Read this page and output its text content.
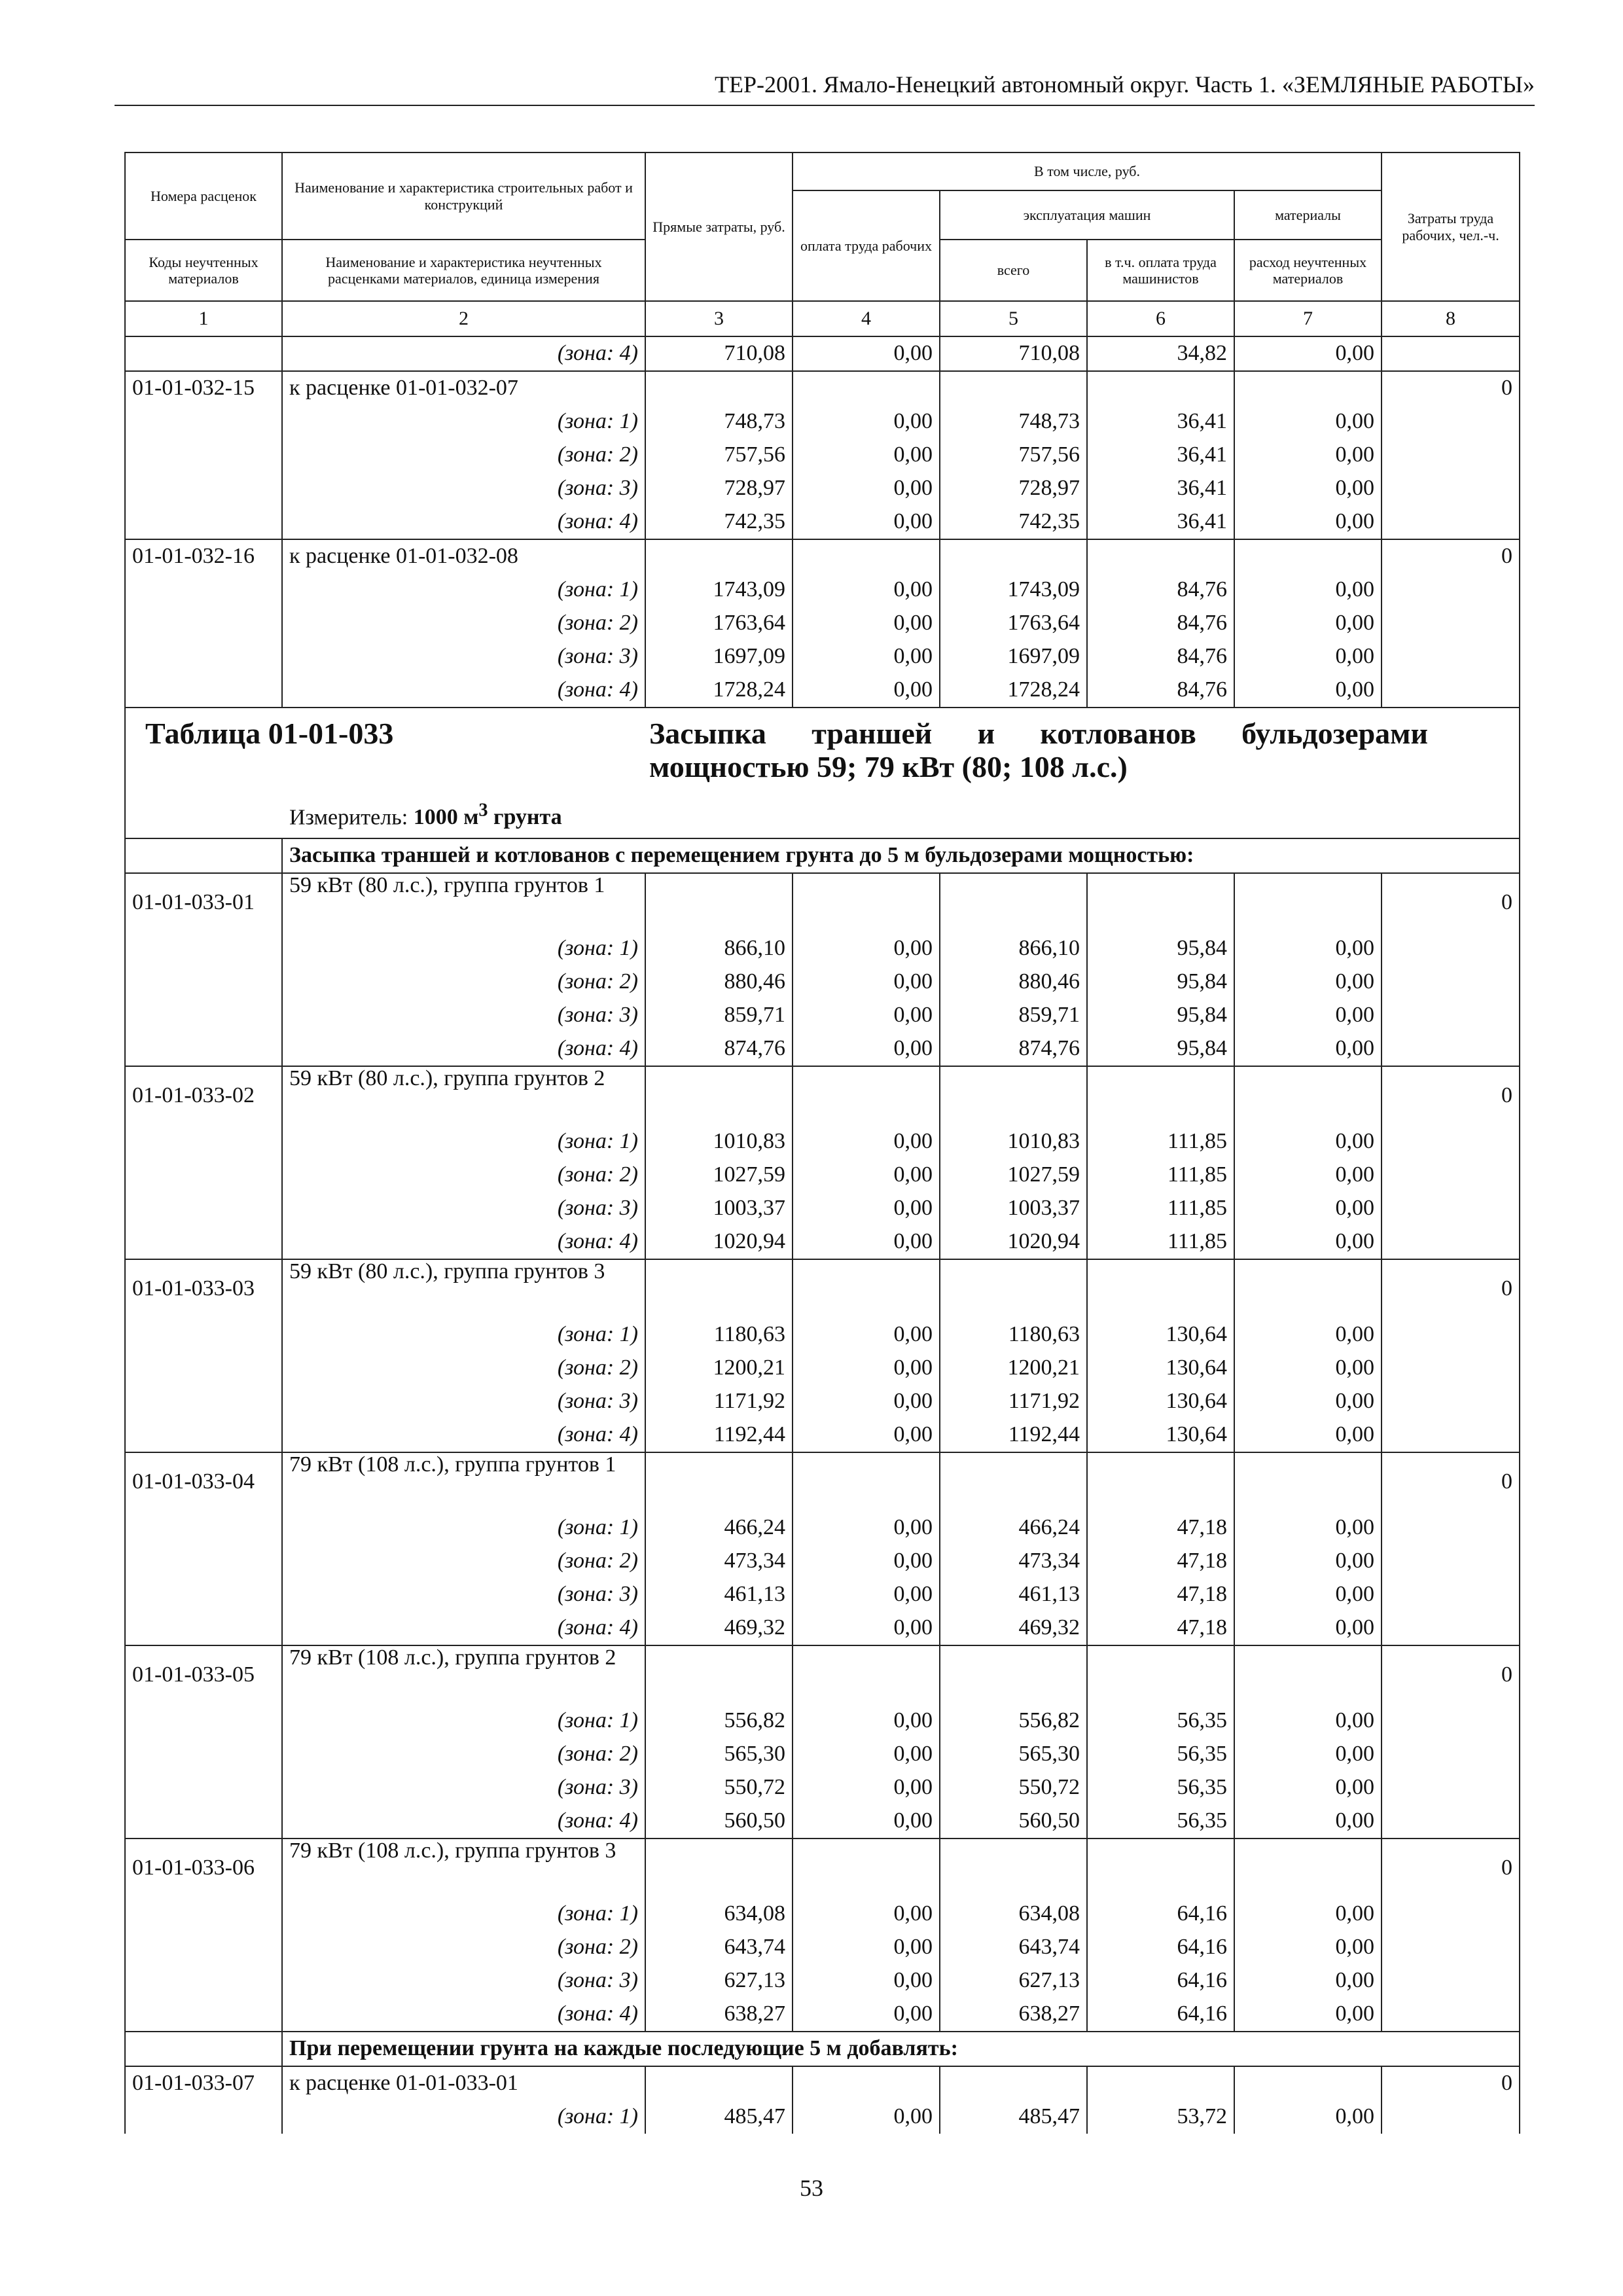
ТЕР-2001. Ямало-Ненецкий автономный округ. Часть 1. «ЗЕМЛЯНЫЕ РАБОТЫ»
Номера расценок	Наименование и характеристика строительных работ и конструкций	Прямые затраты, руб.	В том числе, руб.				Затраты труда рабочих, чел.-ч.
			оплата труда рабочих	эксплуатация машин		материалы	
Коды неучтенных материалов	Наименование и характеристика неучтенных расценками материалов, единица измерения			всего	в т.ч. оплата труда машинистов	расход неучтенных материалов	
1	2	3	4	5	6	7	8
	(зона: 4)	710,08	0,00	710,08	34,82	0,00	
01-01-032-15	к расценке 01-01-032-07						0
	(зона: 1)	748,73	0,00	748,73	36,41	0,00	
	(зона: 2)	757,56	0,00	757,56	36,41	0,00	
	(зона: 3)	728,97	0,00	728,97	36,41	0,00	
	(зона: 4)	742,35	0,00	742,35	36,41	0,00	
01-01-032-16	к расценке 01-01-032-08						0
	(зона: 1)	1743,09	0,00	1743,09	84,76	0,00	
	(зона: 2)	1763,64	0,00	1763,64	84,76	0,00	
	(зона: 3)	1697,09	0,00	1697,09	84,76	0,00	
	(зона: 4)	1728,24	0,00	1728,24	84,76	0,00	

Таблица 01-01-033 Засыпка траншей и котлованов бульдозерами мощностью 59; 79 кВт (80; 108 л.с.)
Измеритель: 1000 $м^3$ грунта							

	Засыпка траншей и котлованов с перемещением грунта до 5 м бульдозерами мощностью:						
01-01-033-01	59 кВт (80 л.с.), группа грунтов 1						0
	(зона: 1)	866,10	0,00	866,10	95,84	0,00	
	(зона: 2)	880,46	0,00	880,46	95,84	0,00	
	(зона: 3)	859,71	0,00	859,71	95,84	0,00	
	(зона: 4)	874,76	0,00	874,76	95,84	0,00	
01-01-033-02	59 кВт (80 л.с.), группа грунтов 2						0
	(зона: 1)	1010,83	0,00	1010,83	111,85	0,00	
	(зона: 2)	1027,59	0,00	1027,59	111,85	0,00	
	(зона: 3)	1003,37	0,00	1003,37	111,85	0,00	
	(зона: 4)	1020,94	0,00	1020,94	111,85	0,00	
01-01-033-03	59 кВт (80 л.с.), группа грунтов 3						0
	(зона: 1)	1180,63	0,00	1180,63	130,64	0,00	
	(зона: 2)	1200,21	0,00	1200,21	130,64	0,00	
	(зона: 3)	1171,92	0,00	1171,92	130,64	0,00	
	(зона: 4)	1192,44	0,00	1192,44	130,64	0,00	
01-01-033-04	79 кВт (108 л.с.), группа грунтов 1						0
	(зона: 1)	466,24	0,00	466,24	47,18	0,00	
	(зона: 2)	473,34	0,00	473,34	47,18	0,00	
	(зона: 3)	461,13	0,00	461,13	47,18	0,00	
	(зона: 4)	469,32	0,00	469,32	47,18	0,00	
01-01-033-05	79 кВт (108 л.с.), группа грунтов 2						0
	(зона: 1)	556,82	0,00	556,82	56,35	0,00	
	(зона: 2)	565,30	0,00	565,30	56,35	0,00	
	(зона: 3)	550,72	0,00	550,72	56,35	0,00	
	(зона: 4)	560,50	0,00	560,50	56,35	0,00	
01-01-033-06	79 кВт (108 л.с.), группа грунтов 3						0
	(зона: 1)	634,08	0,00	634,08	64,16	0,00	
	(зона: 2)	643,74	0,00	643,74	64,16	0,00	
	(зона: 3)	627,13	0,00	627,13	64,16	0,00	
	(зона: 4)	638,27	0,00	638,27	64,16	0,00	
	При перемещении грунта на каждые последующие 5 м добавлять:						
01-01-033-07	к расценке 01-01-033-01						0
	(зона: 1)	485,47	0,00	485,47	53,72	0,00	
53
